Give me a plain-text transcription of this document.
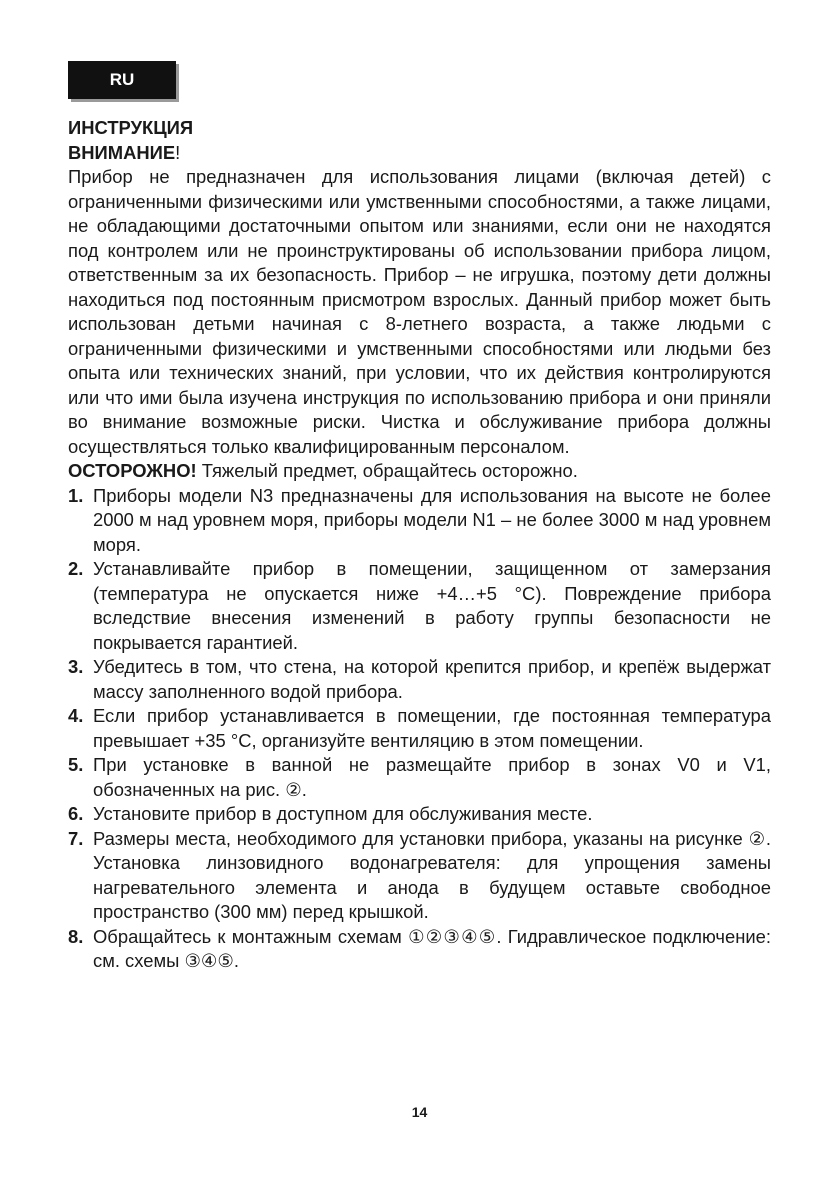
RU
ИНСТРУКЦИЯ
ВНИМАНИЕ!

Прибор не предназначен для использования лицами (включая детей) с ограниченными физическими или умственными способностями, а также лицами, не обладающими достаточными опытом или знаниями, если они не находятся под контролем или не проинструктированы об использовании прибора лицом, ответственным за их безопасность. Прибор – не игрушка, поэтому дети должны находиться под постоянным присмотром взрослых. Данный прибор может быть использован детьми начиная с 8-летнего возраста, а также людьми с ограниченными физическими и умственными способностями или людьми без опыта или технических знаний, при условии, что их действия контролируются или что ими была изучена инструкция по использованию прибора и они приняли во внимание возможные риски. Чистка и обслуживание прибора должны осуществляться только квалифицированным персоналом.

ОСТОРОЖНО! Тяжелый предмет, обращайтесь осторожно.

1. Приборы модели N3 предназначены для использования на высоте не более 2000 м над уровнем моря, приборы модели N1 – не более 3000 м над уровнем моря.
2. Устанавливайте прибор в помещении, защищенном от замерзания (температура не опускается ниже +4…+5 °C). Повреждение прибора вследствие внесения изменений в работу группы безопасности не покрывается гарантией.
3. Убедитесь в том, что стена, на которой крепится прибор, и крепёж выдержат массу заполненного водой прибора.
4. Если прибор устанавливается в помещении, где постоянная температура превышает +35 °C, организуйте вентиляцию в этом помещении.
5. При установке в ванной не размещайте прибор в зонах V0 и V1, обозначенных на рис. ②.
6. Установите прибор в доступном для обслуживания месте.
7. Размеры места, необходимого для установки прибора, указаны на рисунке ②. Установка линзовидного водонагревателя: для упрощения замены нагревательного элемента и анода в будущем оставьте свободное пространство (300 мм) перед крышкой.
8. Обращайтесь к монтажным схемам ①②③④⑤. Гидравлическое подключение: см. схемы ③④⑤.
14
